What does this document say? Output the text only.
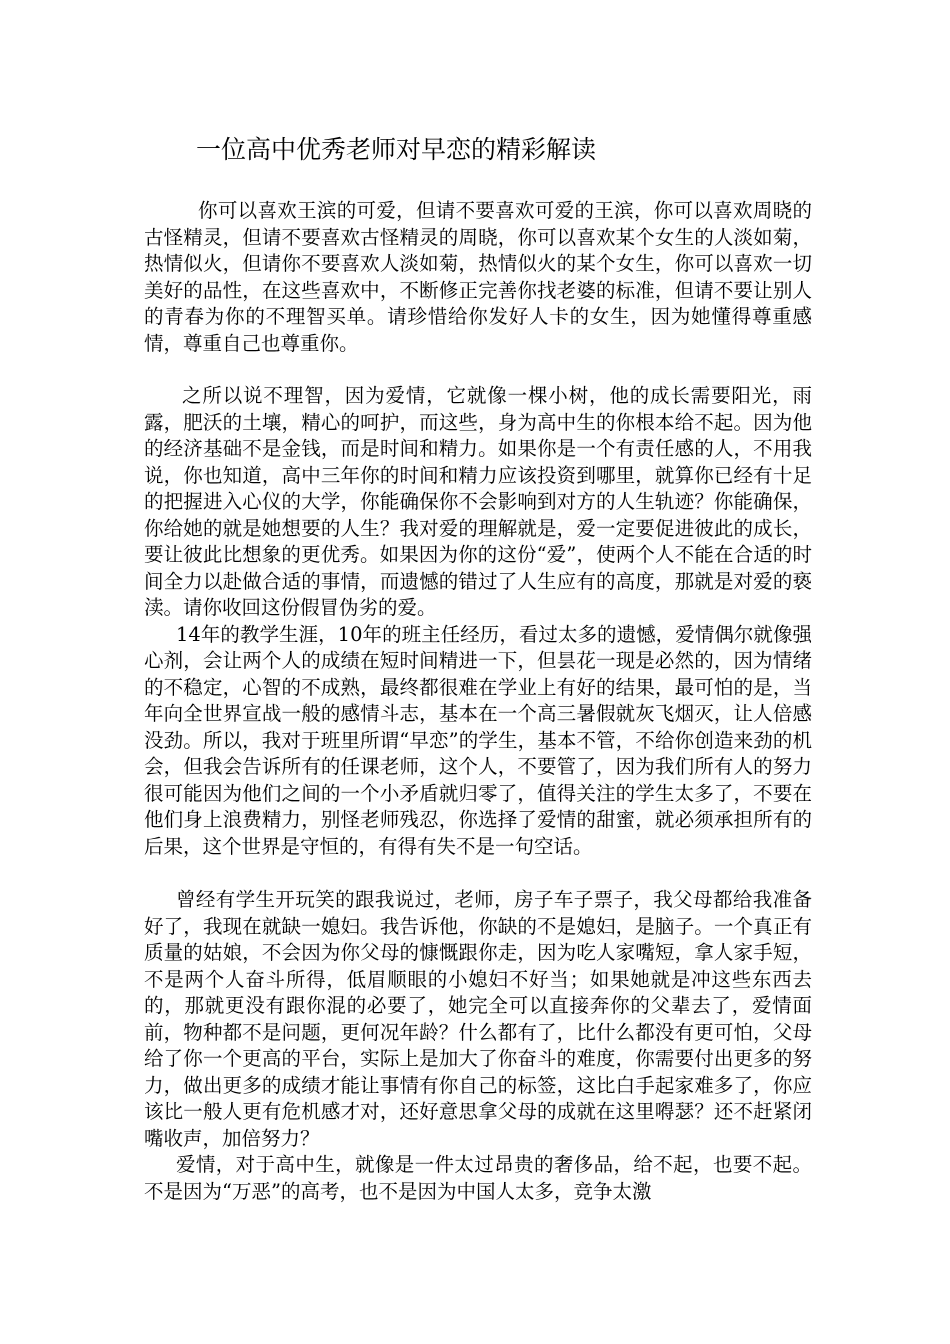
一位高中优秀老师对早恋的精彩解读

你可以喜欢王滨的可爱，但请不要喜欢可爱的王滨，你可以喜欢周晓的古怪精灵，但请不要喜欢古怪精灵的周晓，你可以喜欢某个女生的人淡如菊，热情似火，但请你不要喜欢人淡如菊，热情似火的某个女生，你可以喜欢一切美好的品性，在这些喜欢中，不断修正完善你找老婆的标准，但请不要让别人的青春为你的不理智买单。请珍惜给你发好人卡的女生，因为她懂得尊重感情，尊重自己也尊重你。

之所以说不理智，因为爱情，它就像一棵小树，他的成长需要阳光，雨露，肥沃的土壤，精心的呵护，而这些，身为高中生的你根本给不起。因为他的经济基础不是金钱，而是时间和精力。如果你是一个有责任感的人，不用我说，你也知道，高中三年你的时间和精力应该投资到哪里，就算你已经有十足的把握进入心仪的大学，你能确保你不会影响到对方的人生轨迹？你能确保，你给她的就是她想要的人生？我对爱的理解就是，爱一定要促进彼此的成长，要让彼此比想象的更优秀。如果因为你的这份“爱”，使两个人不能在合适的时间全力以赴做合适的事情，而遗憾的错过了人生应有的高度，那就是对爱的亵渎。请你收回这份假冒伪劣的爱。

14年的教学生涯，10年的班主任经历，看过太多的遗憾，爱情偶尔就像强心剂，会让两个人的成绩在短时间精进一下，但昙花一现是必然的，因为情绪的不稳定，心智的不成熟，最终都很难在学业上有好的结果，最可怕的是，当年向全世界宣战一般的感情斗志，基本在一个高三暑假就灰飞烟灭，让人倍感没劲。所以，我对于班里所谓“早恋”的学生，基本不管，不给你创造来劲的机会，但我会告诉所有的任课老师，这个人，不要管了，因为我们所有人的努力很可能因为他们之间的一个小矛盾就归零了，值得关注的学生太多了，不要在他们身上浪费精力，别怪老师残忍，你选择了爱情的甜蜜，就必须承担所有的后果，这个世界是守恒的，有得有失不是一句空话。

曾经有学生开玩笑的跟我说过，老师，房子车子票子，我父母都给我准备好了，我现在就缺一媳妇。我告诉他，你缺的不是媳妇，是脑子。一个真正有质量的姑娘，不会因为你父母的慷慨跟你走，因为吃人家嘴短，拿人家手短，不是两个人奋斗所得，低眉顺眼的小媳妇不好当；如果她就是冲这些东西去的，那就更没有跟你混的必要了，她完全可以直接奔你的父辈去了，爱情面前，物种都不是问题，更何况年龄？什么都有了，比什么都没有更可怕，父母给了你一个更高的平台，实际上是加大了你奋斗的难度，你需要付出更多的努力，做出更多的成绩才能让事情有你自己的标签，这比白手起家难多了，你应该比一般人更有危机感才对，还好意思拿父母的成就在这里嘚瑟？还不赶紧闭嘴收声，加倍努力？

爱情，对于高中生，就像是一件太过昂贵的奢侈品，给不起，也要不起。不是因为“万恶”的高考，也不是因为中国人太多，竞争太激
